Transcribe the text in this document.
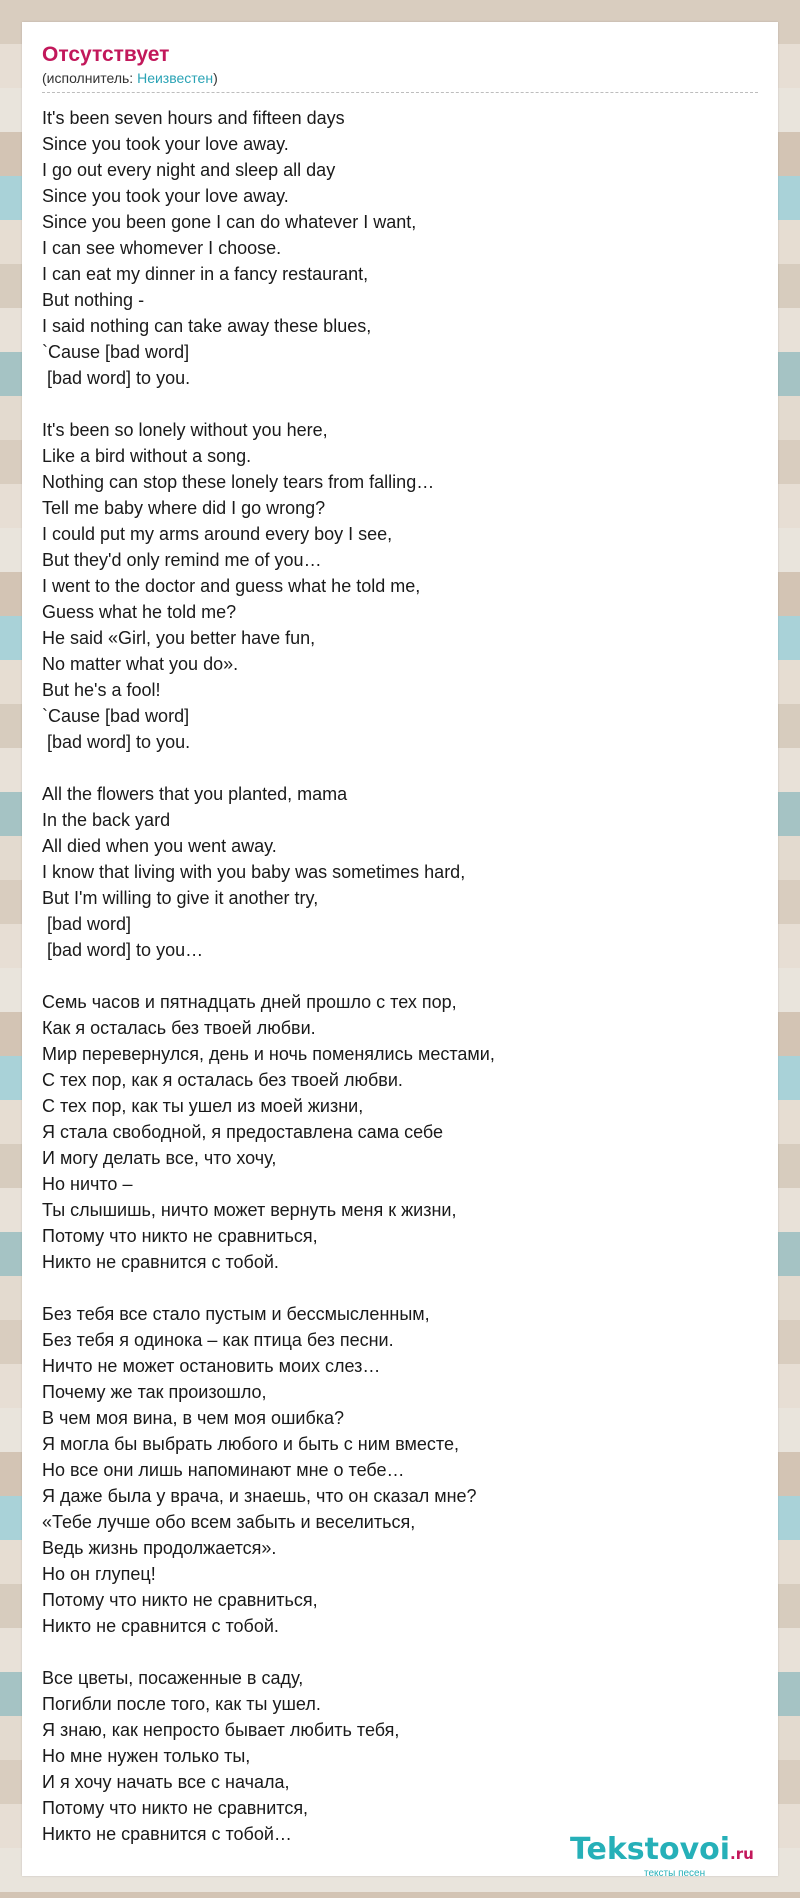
Отсутствует
(исполнитель: Неизвестен)
It's been seven hours and fifteen days
Since you took your love away.
I go out every night and sleep all day
Since you took your love away.
Since you been gone I can do whatever I want,
I can see whomever I choose.
I can eat my dinner in a fancy restaurant,
But nothing -
I said nothing can take away these blues,
`Cause [bad word]
[bad word] to you.
It's been so lonely without you here,
Like a bird without a song.
Nothing can stop these lonely tears from falling…
Tell me baby where did I go wrong?
I could put my arms around every boy I see,
But they'd only remind me of you…
I went to the doctor and guess what he told me,
Guess what he told me?
He said «Girl, you better have fun,
No matter what you do».
But he's a fool!
`Cause [bad word]
[bad word] to you.
All the flowers that you planted, mama
In the back yard
All died when you went away.
I know that living with you baby was sometimes hard,
But I'm willing to give it another try,
[bad word]
[bad word] to you…
Семь часов и пятнадцать дней прошло с тех пор,
Как я осталась без твоей любви.
Мир перевернулся, день и ночь поменялись местами,
С тех пор, как я осталась без твоей любви.
С тех пор, как ты ушел из моей жизни,
Я стала свободной, я предоставлена сама себе
И могу делать все, что хочу,
Но ничто –
Ты слышишь, ничто может вернуть меня к жизни,
Потому что никто не сравниться,
Никто не сравнится с тобой.
Без тебя все стало пустым и бессмысленным,
Без тебя я одинока – как птица без песни.
Ничто не может остановить моих слез…
Почему же так произошло,
В чем моя вина, в чем моя ошибка?
Я могла бы выбрать любого и быть с ним вместе,
Но все они лишь напоминают мне о тебе…
Я даже была у врача, и знаешь, что он сказал мне?
«Тебе лучше обо всем забыть и веселиться,
Ведь жизнь продолжается».
Но он глупец!
Потому что никто не сравниться,
Никто не сравнится с тобой.
Все цветы, посаженные в саду,
Погибли после того, как ты ушел.
Я знаю, как непросто бывает любить тебя,
Но мне нужен только ты,
И я хочу начать все с начала,
Потому что никто не сравнится,
Никто не сравнится с тобой…	Tekstovoi.ru
тексты песен
